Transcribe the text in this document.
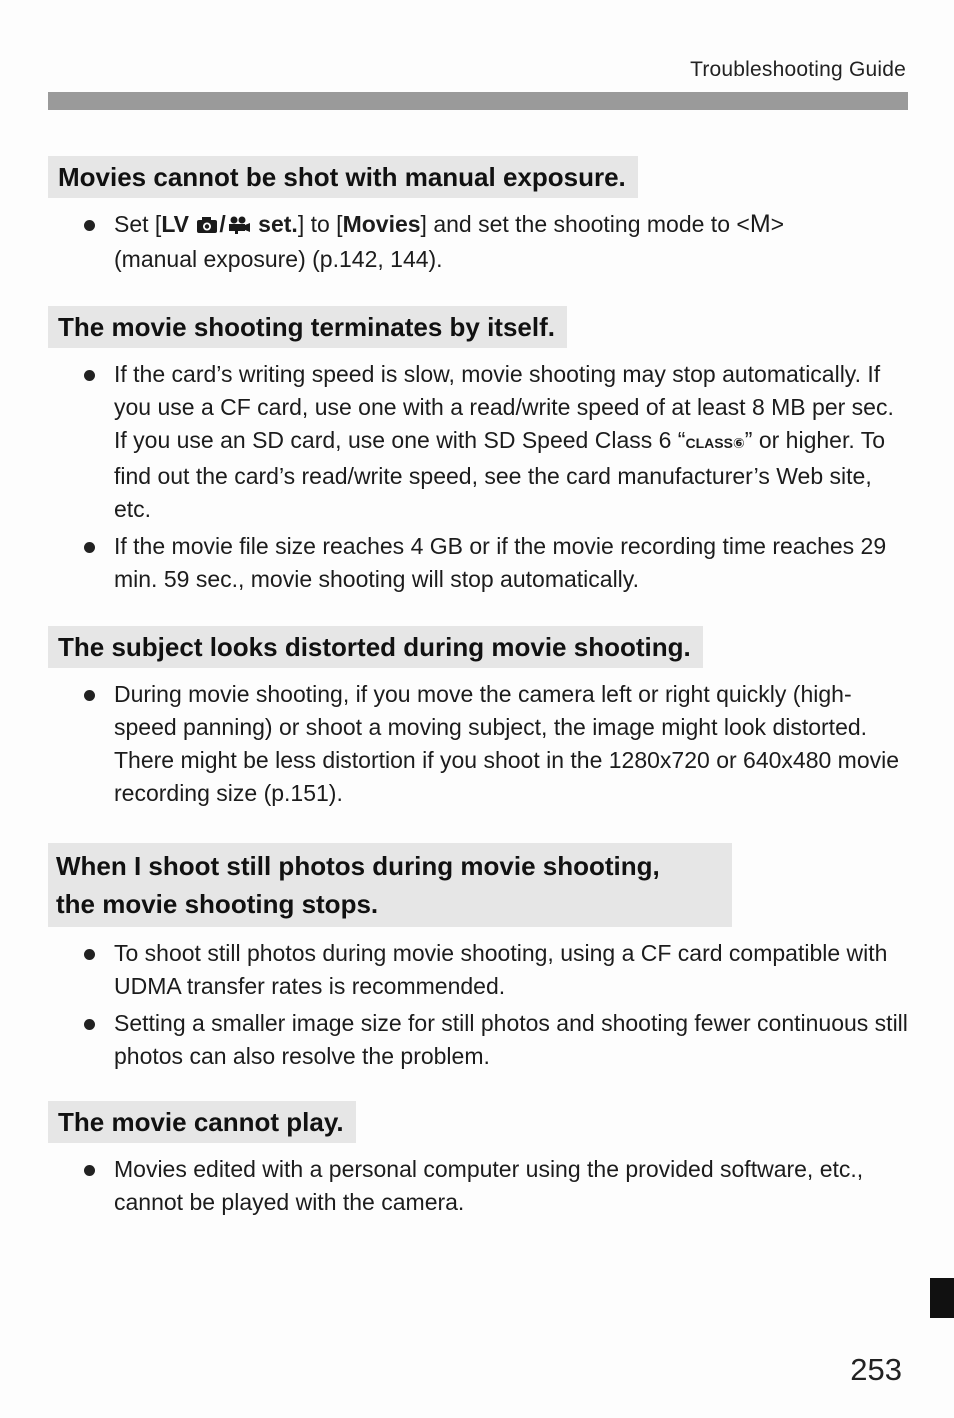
Troubleshooting Guide
Movies cannot be shot with manual exposure.
Set [LV / set.] to [Movies] and set the shooting mode to <M>
(manual exposure) (p.142, 144).
The movie shooting terminates by itself.
If the card’s writing speed is slow, movie shooting may stop automatically. If you use a CF card, use one with a read/write speed of at least 8 MB per sec. If you use an SD card, use one with SD Speed Class 6 “CLASS⑥” or higher. To find out the card’s read/write speed, see the card manufacturer’s Web site, etc.
If the movie file size reaches 4 GB or if the movie recording time reaches 29 min. 59 sec., movie shooting will stop automatically.
The subject looks distorted during movie shooting.
During movie shooting, if you move the camera left or right quickly (high-speed panning) or shoot a moving subject, the image might look distorted. There might be less distortion if you shoot in the 1280x720 or 640x480 movie recording size (p.151).
When I shoot still photos during movie shooting,
the movie shooting stops.
To shoot still photos during movie shooting, using a CF card compatible with UDMA transfer rates is recommended.
Setting a smaller image size for still photos and shooting fewer continuous still photos can also resolve the problem.
The movie cannot play.
Movies edited with a personal computer using the provided software, etc., cannot be played with the camera.
253
